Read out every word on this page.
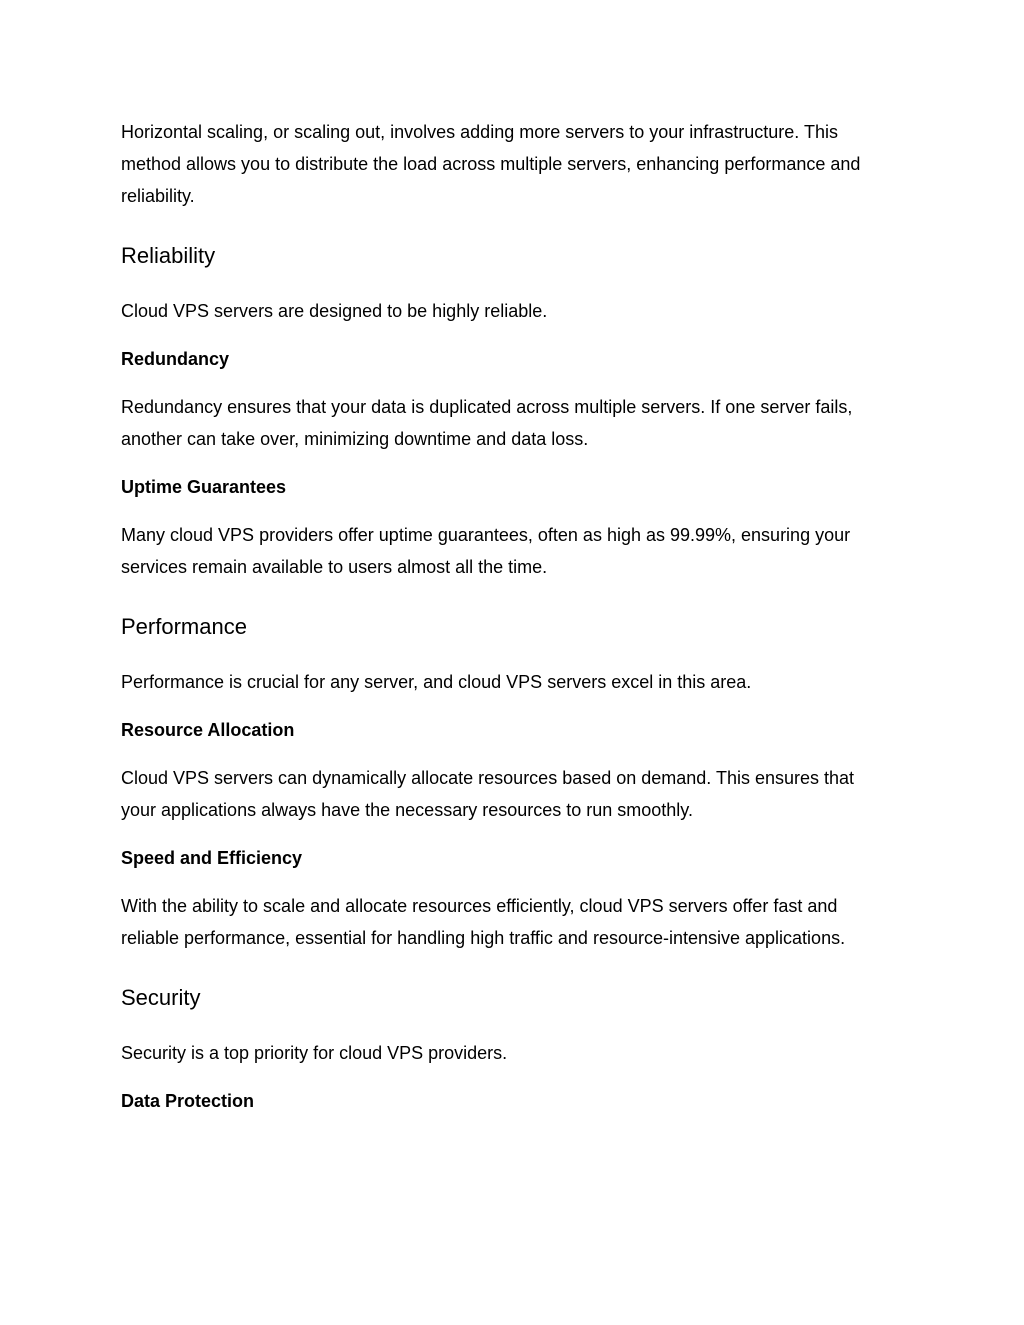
Horizontal scaling, or scaling out, involves adding more servers to your infrastructure. This method allows you to distribute the load across multiple servers, enhancing performance and reliability.

Reliability

Cloud VPS servers are designed to be highly reliable.

Redundancy

Redundancy ensures that your data is duplicated across multiple servers. If one server fails, another can take over, minimizing downtime and data loss.

Uptime Guarantees

Many cloud VPS providers offer uptime guarantees, often as high as 99.99%, ensuring your services remain available to users almost all the time.

Performance

Performance is crucial for any server, and cloud VPS servers excel in this area.

Resource Allocation

Cloud VPS servers can dynamically allocate resources based on demand. This ensures that your applications always have the necessary resources to run smoothly.

Speed and Efficiency

With the ability to scale and allocate resources efficiently, cloud VPS servers offer fast and reliable performance, essential for handling high traffic and resource-intensive applications.

Security

Security is a top priority for cloud VPS providers.

Data Protection
